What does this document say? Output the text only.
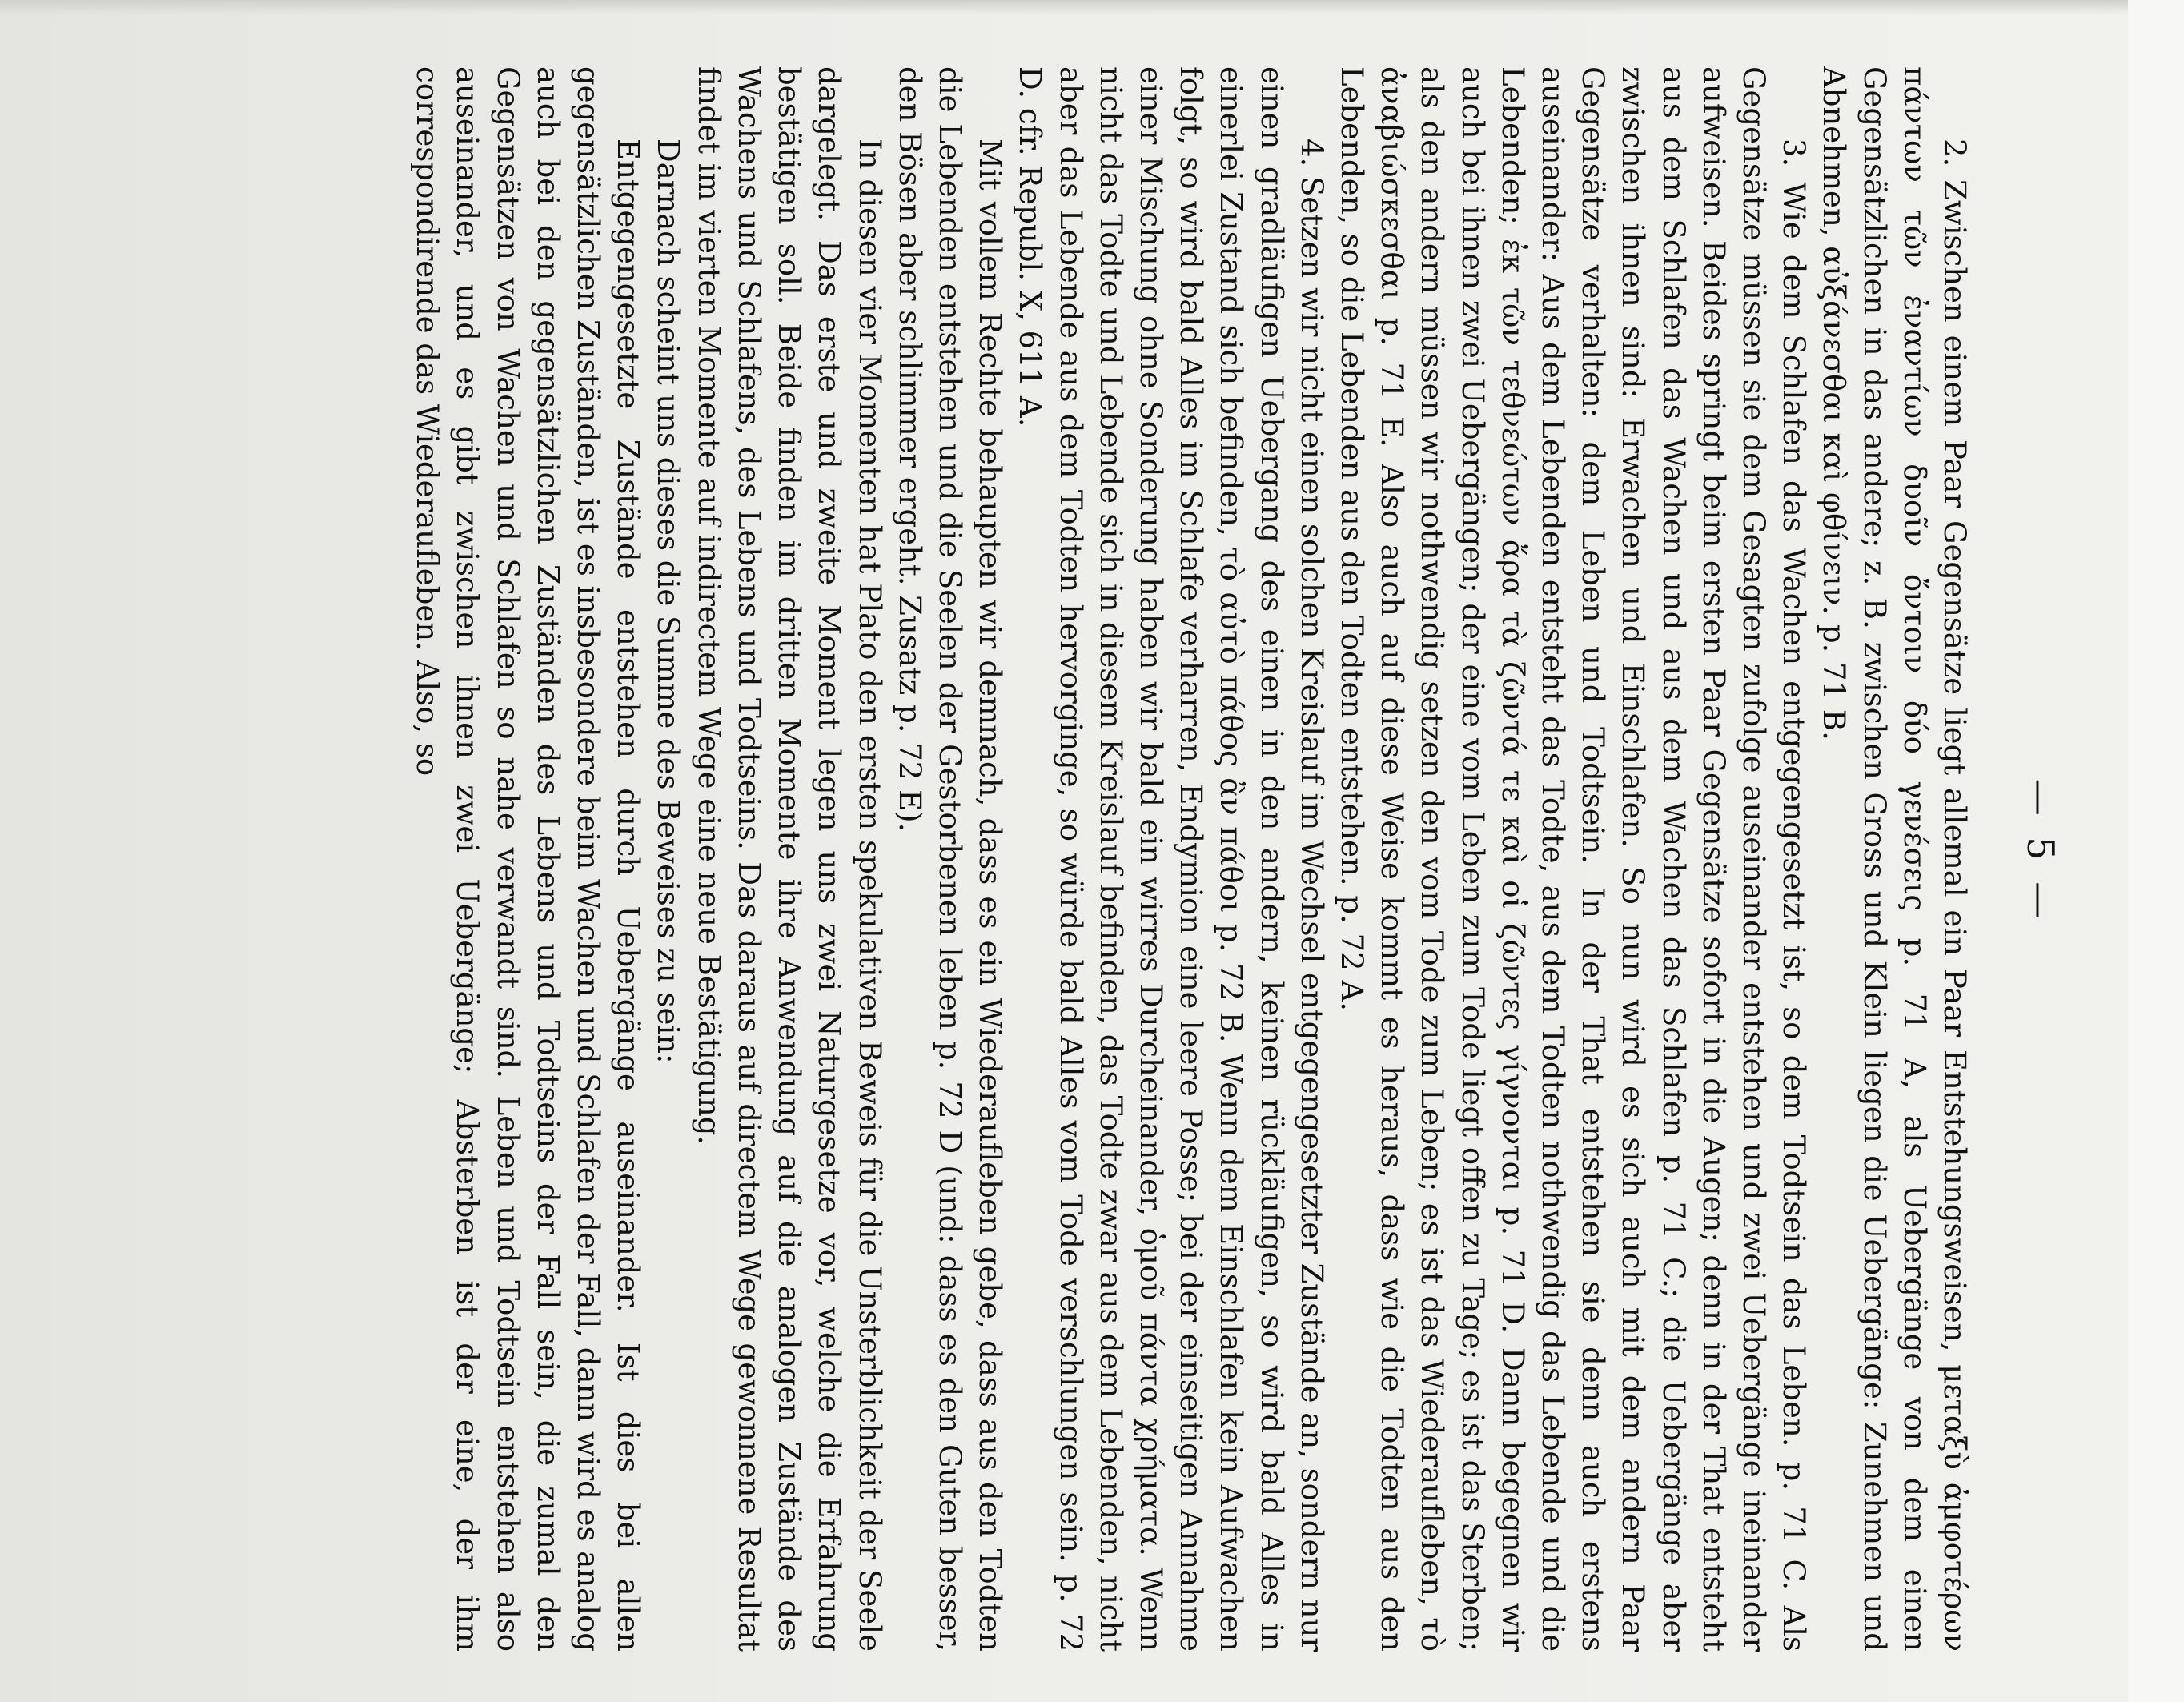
— 5 —

2. Zwischen einem Paar Gegensätze liegt allemal ein Paar Entstehungsweisen, μεταξὺ ἀμφοτέρων πάντων τῶν ἐναντίων δυοῖν ὄντοιν δύο γενέσεις p. 71 A, als Uebergänge von dem einen Gegensätzlichen in das andere; z. B. zwischen Gross und Klein liegen die Uebergänge: Zunehmen und Abnehmen, αὐξάνεσθαι καὶ φθίνειν. p. 71 B.

3. Wie dem Schlafen das Wachen entgegengesetzt ist, so dem Todtsein das Leben. p. 71 C. Als Gegensätze müssen sie dem Gesagten zufolge auseinander entstehen und zwei Uebergänge ineinander aufweisen. Beides springt beim ersten Paar Gegensätze sofort in die Augen; denn in der That entsteht aus dem Schlafen das Wachen und aus dem Wachen das Schlafen p. 71 C.; die Uebergänge aber zwischen ihnen sind: Erwachen und Einschlafen. So nun wird es sich auch mit dem andern Paar Gegensätze verhalten: dem Leben und Todtsein. In der That entstehen sie denn auch erstens auseinander: Aus dem Lebenden entsteht das Todte, aus dem Todten nothwendig das Lebende und die Lebenden; ἐκ τῶν τεθνεώτων ἄρα τὰ ζῶντά τε καὶ οἱ ζῶντες γίγνονται p. 71 D. Dann begegnen wir auch bei ihnen zwei Uebergängen; der eine vom Leben zum Tode liegt offen zu Tage; es ist das Sterben; als den andern müssen wir nothwendig setzen den vom Tode zum Leben; es ist das Wiederaufleben, τὸ ἀναβιώσκεσθαι p. 71 E. Also auch auf diese Weise kommt es heraus, dass wie die Todten aus den Lebenden, so die Lebenden aus den Todten entstehen. p. 72 A.

4. Setzen wir nicht einen solchen Kreislauf im Wechsel entgegengesetzter Zustände an, sondern nur einen gradläufigen Uebergang des einen in den andern, keinen rückläufigen, so wird bald Alles in einerlei Zustand sich befinden, τὸ αὐτὸ πάθος ἂν πάθοι p. 72 B. Wenn dem Einschlafen kein Aufwachen folgt, so wird bald Alles im Schlafe verharren, Endymion eine leere Posse; bei der einseitigen Annahme einer Mischung ohne Sonderung haben wir bald ein wirres Durcheinander, ὁμοῦ πάντα χρήματα. Wenn nicht das Todte und Lebende sich in diesem Kreislauf befinden, das Todte zwar aus dem Lebenden, nicht aber das Lebende aus dem Todten hervorginge, so würde bald Alles vom Tode verschlungen sein. p. 72 D. cfr. Republ. X, 611 A.

Mit vollem Rechte behaupten wir demnach, dass es ein Wiederaufleben gebe, dass aus den Todten die Lebenden entstehen und die Seelen der Gestorbenen leben p. 72 D (und: dass es den Guten besser, den Bösen aber schlimmer ergeht. Zusatz p. 72 E).

In diesen vier Momenten hat Plato den ersten spekulativen Beweis für die Unsterblichkeit der Seele dargelegt. Das erste und zweite Moment legen uns zwei Naturgesetze vor, welche die Erfahrung bestätigen soll. Beide finden im dritten Momente ihre Anwendung auf die analogen Zustände des Wachens und Schlafens, des Lebens und Todtseins. Das daraus auf directem Wege gewonnene Resultat findet im vierten Momente auf indirectem Wege eine neue Bestätigung.

Darnach scheint uns dieses die Summe des Beweises zu sein:

Entgegengesetzte Zustände entstehen durch Uebergänge auseinander. Ist dies bei allen gegensätzlichen Zuständen, ist es insbesondere beim Wachen und Schlafen der Fall, dann wird es analog auch bei den gegensätzlichen Zuständen des Lebens und Todtseins der Fall sein, die zumal den Gegensätzen von Wachen und Schlafen so nahe verwandt sind. Leben und Todtsein entstehen also auseinander, und es gibt zwischen ihnen zwei Uebergänge; Absterben ist der eine, der ihm correspondirende das Wiederaufleben. Also, so
